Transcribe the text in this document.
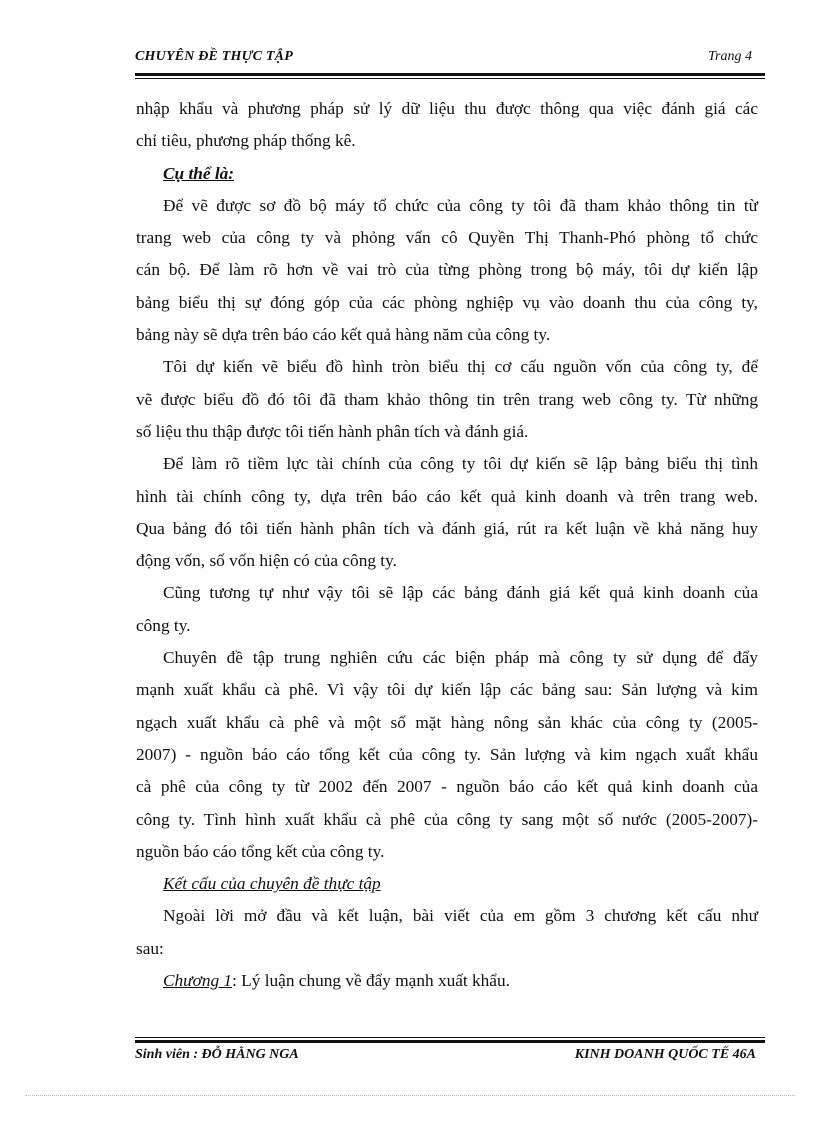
CHUYÊN ĐỀ THỰC TẬP	Trang 4
nhập khẩu và phương pháp sử lý dữ liệu thu được thông qua việc đánh giá các
chỉ tiêu, phương pháp thống kê.
Cụ thể là:
Để vẽ được sơ đồ bộ máy tổ chức của công ty tôi đã tham khảo thông tin từ
trang web của công ty và phỏng vấn cô Quyền Thị Thanh-Phó phòng tổ chức
cán bộ. Để làm rõ hơn về vai trò của từng phòng trong bộ máy, tôi dự kiến lập
bảng biểu thị sự đóng góp của các phòng nghiệp vụ vào doanh thu của công ty,
bảng này sẽ dựa trên báo cáo kết quả hàng năm của công ty.
Tôi dự kiến vẽ biểu đồ hình tròn biểu thị cơ cấu nguồn vốn của công ty, để
vẽ được biểu đồ đó tôi đã tham khảo thông tin trên trang web công ty. Từ những
số liệu thu thập được tôi tiến hành phân tích và đánh giá.
Để làm rõ tiềm lực tài chính của công ty tôi dự kiến sẽ lập bảng biểu thị tình
hình tài chính công ty, dựa trên báo cáo kết quả kinh doanh và trên trang web.
Qua bảng đó tôi tiến hành phân tích và đánh giá, rút ra kết luận về khả năng huy
động vốn, số vốn hiện có của công ty.
Cũng tương tự như vậy tôi sẽ lập các bảng đánh giá kết quả kinh doanh của
công ty.
Chuyên đề tập trung nghiên cứu các biện pháp mà công ty sử dụng để đẩy
mạnh xuất khẩu cà phê. Vì vậy tôi dự kiến lập các bảng sau: Sản lượng và kim
ngạch xuất khẩu cà phê và một số mặt hàng nông sản khác của công ty (2005-
2007) - nguồn báo cáo tổng kết của công ty. Sản lượng và kim ngạch xuất khẩu
cà phê của công ty từ 2002 đến 2007 - nguồn báo cáo kết quả kinh doanh của
công ty. Tình hình xuất khẩu cà phê của công ty sang một số nước (2005-2007)-
nguồn báo cáo tổng kết của công ty.
Kết cấu của chuyên đề thực tập
Ngoài lời mở đầu và kết luận, bài viết của em gồm 3 chương kết cấu như
sau:
Chương 1: Lý luận chung về đẩy mạnh xuất khẩu.
Sinh viên : ĐỖ HẰNG NGA	KINH DOANH QUỐC TẾ 46A
